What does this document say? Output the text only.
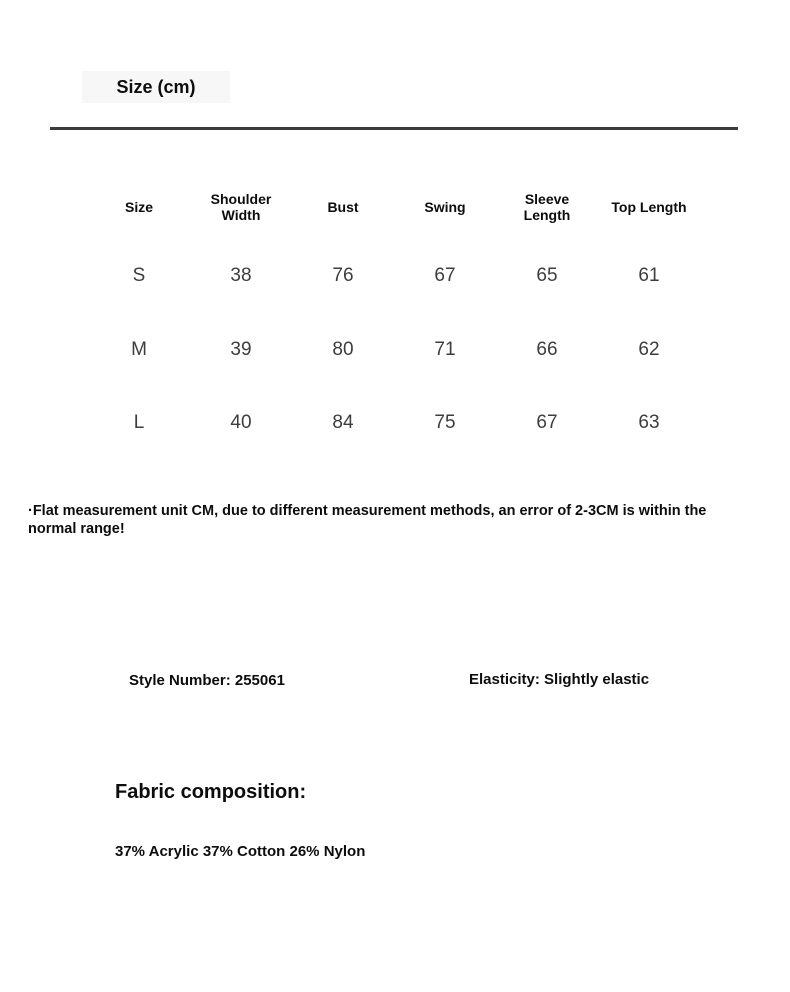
Size (cm)
Size	Shoulder Width	Bust	Swing	Sleeve Length	Top Length
S	38	76	67	65	61
M	39	80	71	66	62
L	40	84	75	67	63

·Flat measurement unit CM, due to different measurement methods, an error of 2-3CM is within the normal range!

Style Number: 255061	Elasticity: Slightly elastic
Fabric composition:
37% Acrylic 37% Cotton 26% Nylon
